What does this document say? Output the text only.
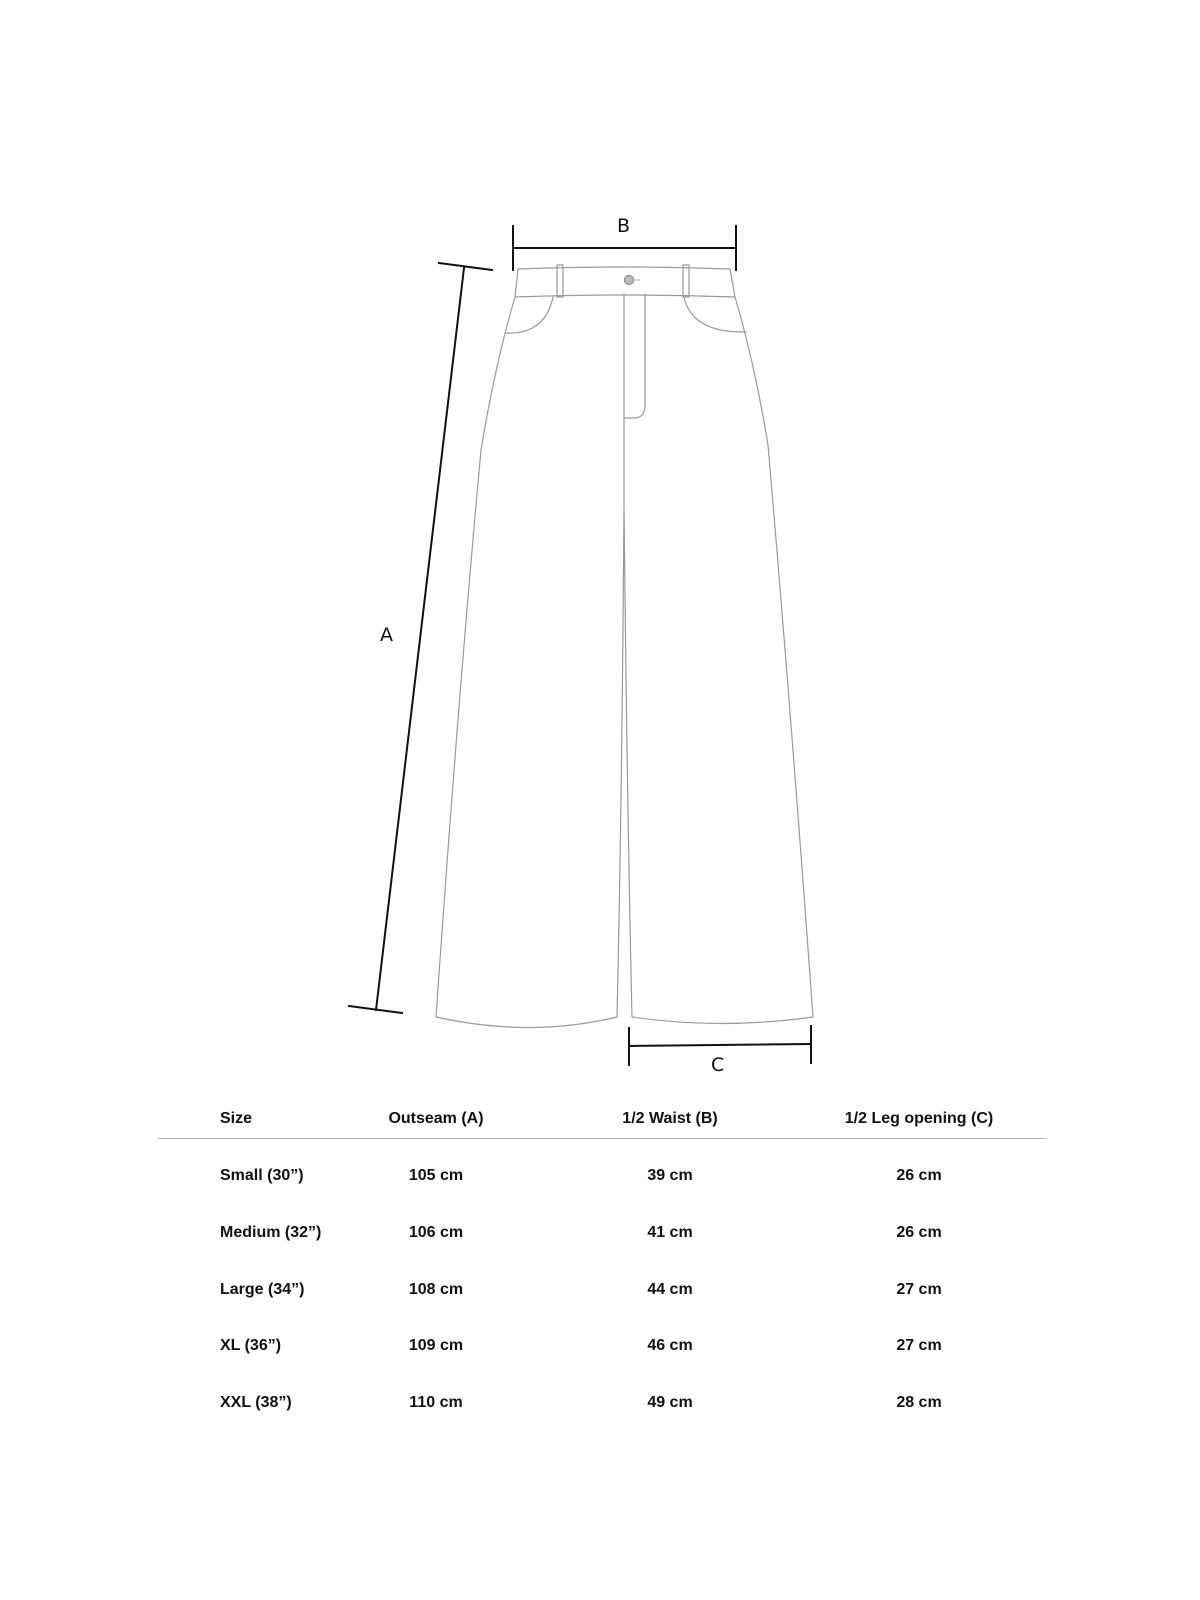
A
B
C
Size	Outseam (A)	1/2 Waist (B)	1/2 Leg opening (C)
Small (30”)	105 cm	39 cm	26 cm
Medium (32”)	106 cm	41 cm	26 cm
Large (34”)	108 cm	44 cm	27 cm
XL (36”)	109 cm	46 cm	27 cm
XXL (38”)	110 cm	49 cm	28 cm
